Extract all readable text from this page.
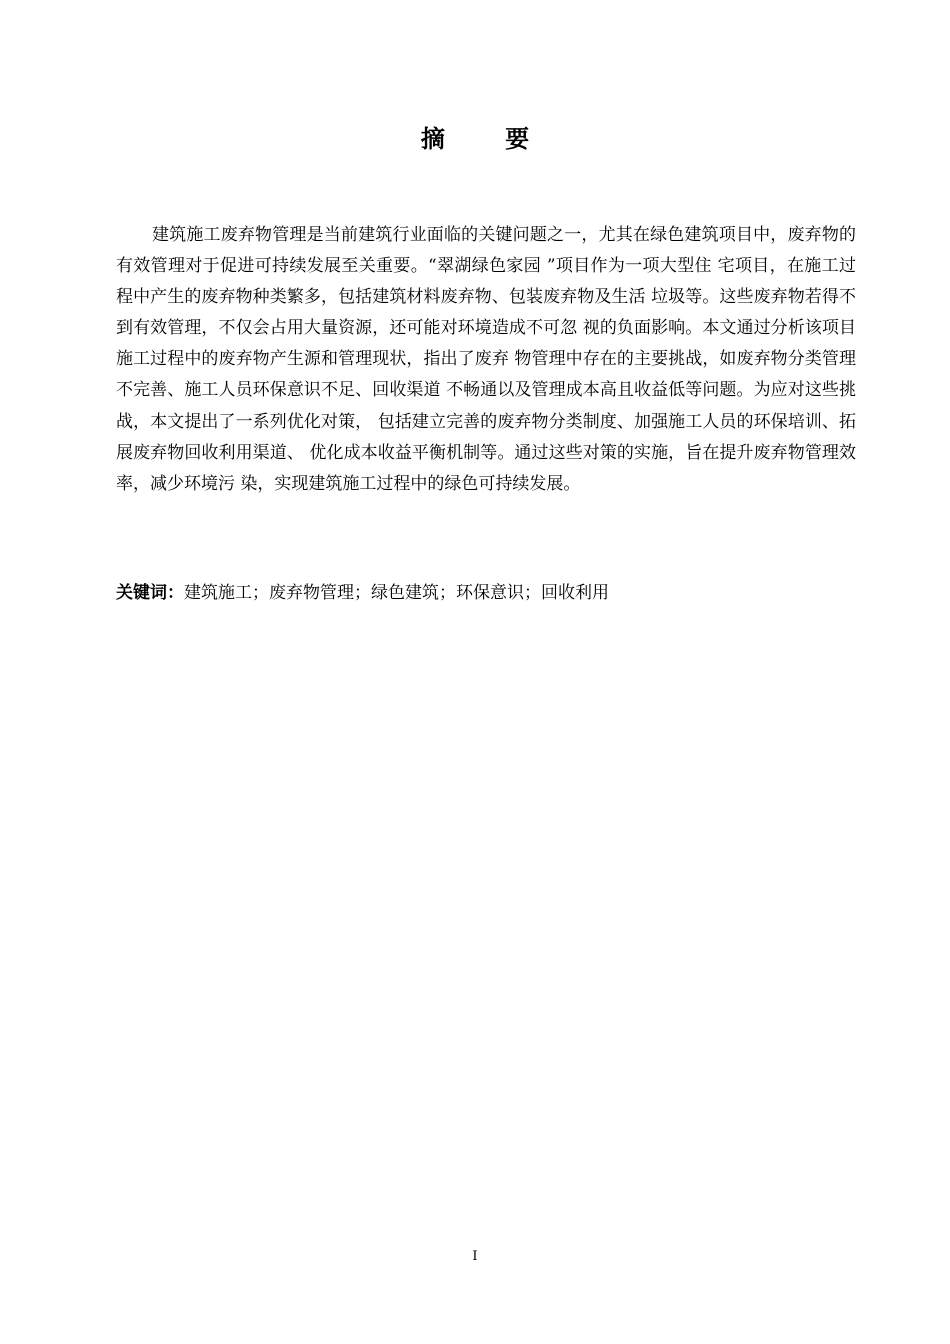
摘 要

建筑施工废弃物管理是当前建筑行业面临的关键问题之一，尤其在绿色建筑项目中，废弃物的有效管理对于促进可持续发展至关重要。“翠湖绿色家园 ”项目作为一项大型住 宅项目，在施工过程中产生的废弃物种类繁多，包括建筑材料废弃物、包装废弃物及生活 垃圾等。这些废弃物若得不到有效管理，不仅会占用大量资源，还可能对环境造成不可忽 视的负面影响。本文通过分析该项目施工过程中的废弃物产生源和管理现状，指出了废弃 物管理中存在的主要挑战，如废弃物分类管理不完善、施工人员环保意识不足、回收渠道 不畅通以及管理成本高且收益低等问题。为应对这些挑战，本文提出了一系列优化对策， 包括建立完善的废弃物分类制度、加强施工人员的环保培训、拓展废弃物回收利用渠道、 优化成本收益平衡机制等。通过这些对策的实施，旨在提升废弃物管理效率，减少环境污 染，实现建筑施工过程中的绿色可持续发展。

关键词：建筑施工；废弃物管理；绿色建筑；环保意识；回收利用
I
